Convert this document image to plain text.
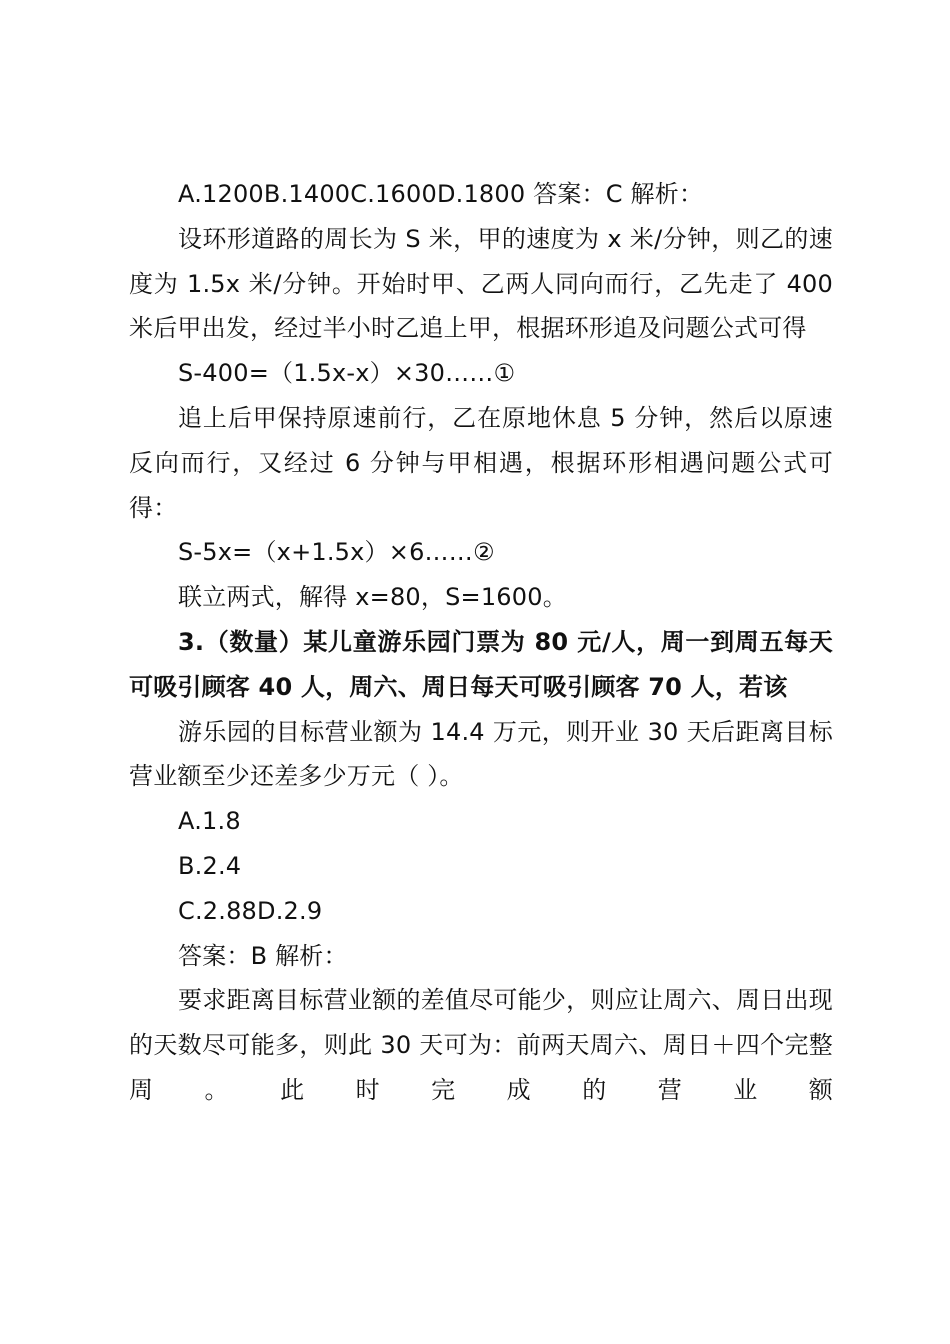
A.1200B.1400C.1600D.1800 答案：C 解析：

设环形道路的周长为 S 米，甲的速度为 x 米/分钟，则乙的速度为 1.5x 米/分钟。开始时甲、乙两人同向而行，乙先走了 400 米后甲出发，经过半小时乙追上甲，根据环形追及问题公式可得

S-400=（1.5x-x）×30……①

追上后甲保持原速前行，乙在原地休息 5 分钟，然后以原速反向而行，又经过 6 分钟与甲相遇，根据环形相遇问题公式可得：

S-5x=（x+1.5x）×6……②

联立两式，解得 x=80，S=1600。

3.（数量）某儿童游乐园门票为 80 元/人，周一到周五每天可吸引顾客 40 人，周六、周日每天可吸引顾客 70 人，若该

游乐园的目标营业额为 14.4 万元，则开业 30 天后距离目标营业额至少还差多少万元（ ）。

A.1.8

B.2.4

C.2.88D.2.9

答案：B 解析：

要求距离目标营业额的差值尽可能少，则应让周六、周日出现的天数尽可能多，则此 30 天可为：前两天周六、周日＋四个完整周。此时完成的营业额
